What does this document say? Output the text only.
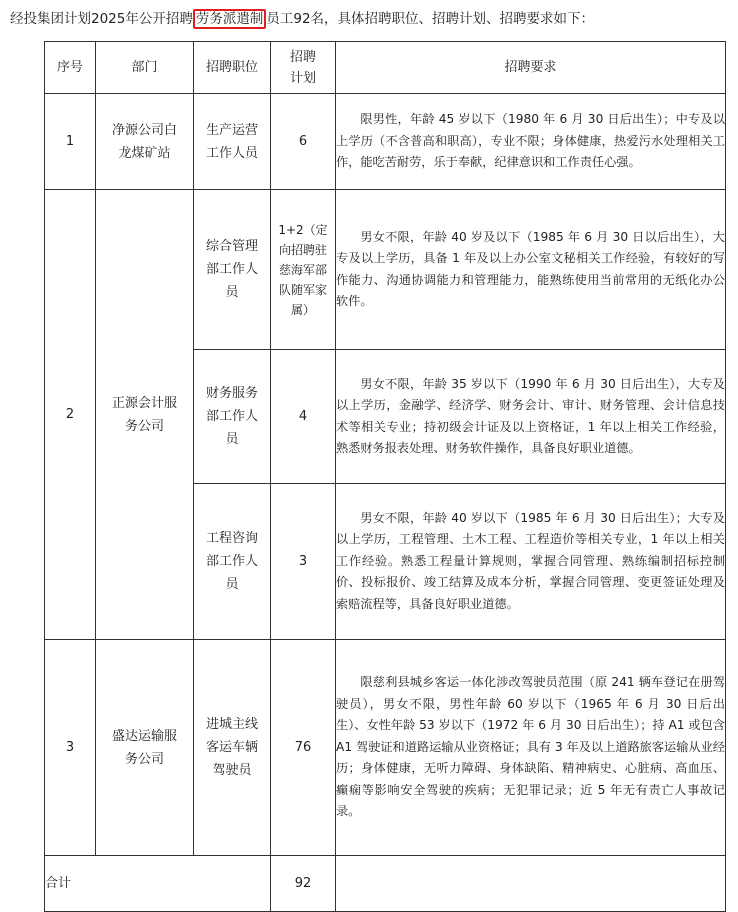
经投集团计划2025年公开招聘 劳务派遣制 员工92名，具体招聘职位、招聘计划、招聘要求如下：
序号	部门	招聘职位	招聘计划	招聘要求
1	净源公司白龙煤矿站	生产运营工作人员	6	限男性，年龄 45 岁以下（1980 年 6 月 30 日后出生）；中专及以上学历（不含普高和职高），专业不限；身体健康，热爱污水处理相关工作，能吃苦耐劳，乐于奉献，纪律意识和工作责任心强。
2	正源会计服务公司	综合管理部工作人员	1+2（定向招聘驻慈海军部队随军家属）	男女不限，年龄 40 岁及以下（1985 年 6 月 30 日以后出生），大专及以上学历，具备 1 年及以上办公室文秘相关工作经验，有较好的写作能力、沟通协调能力和管理能力，能熟练使用当前常用的无纸化办公软件。
		财务服务部工作人员	4	男女不限，年龄 35 岁以下（1990 年 6 月 30 日后出生），大专及以上学历，金融学、经济学、财务会计、审计、财务管理、会计信息技术等相关专业；持初级会计证及以上资格证，1 年以上相关工作经验，熟悉财务报表处理、财务软件操作，具备良好职业道德。
		工程咨询部工作人员	3	男女不限，年龄 40 岁以下（1985 年 6 月 30 日后出生）；大专及以上学历，工程管理、土木工程、工程造价等相关专业，1 年以上相关工作经验。熟悉工程量计算规则，掌握合同管理、熟练编制招标控制价、投标报价、竣工结算及成本分析，掌握合同管理、变更签证处理及索赔流程等，具备良好职业道德。
3	盛达运输服务公司	进城主线客运车辆驾驶员	76	限慈利县城乡客运一体化涉改驾驶员范围（原 241 辆车登记在册驾驶员），男女不限，男性年龄 60 岁以下（1965 年 6 月 30 日后出生）、女性年龄 53 岁以下（1972 年 6 月 30 日后出生）；持 A1 或包含 A1 驾驶证和道路运输从业资格证；具有 3 年及以上道路旅客运输从业经历；身体健康，无听力障碍、身体缺陷、精神病史、心脏病、高血压、癫痫等影响安全驾驶的疾病；无犯罪记录；近 5 年无有责亡人事故记录。
合计			92	
